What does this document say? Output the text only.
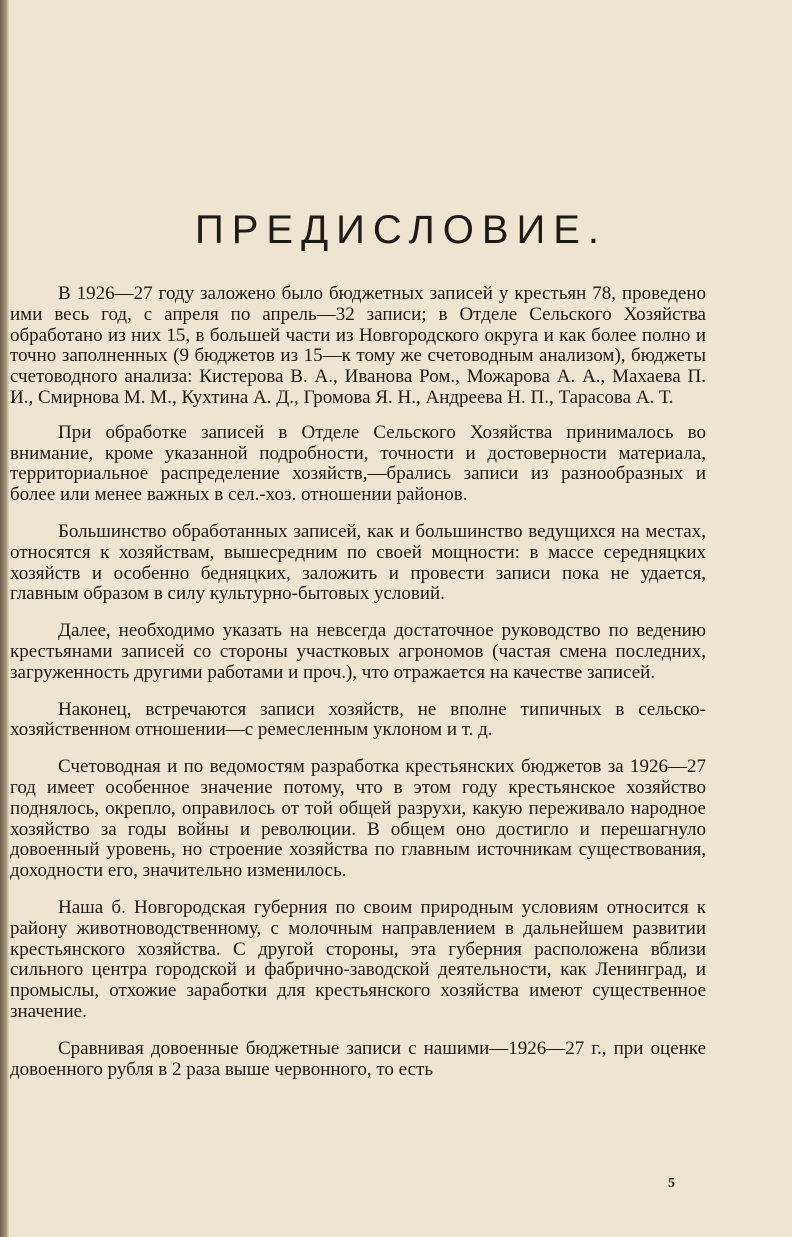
ПРЕДИСЛОВИЕ.

В 1926—27 году заложено было бюджетных записей у крестьян 78, проведено ими весь год, с апреля по апрель—32 записи; в Отделе Сельского Хозяйства обработано из них 15, в большей части из Новгородского округа и как более полно и точно заполненных (9 бюджетов из 15—к тому же счетоводным анализом), бюджеты счетоводного анализа: Кистерова В. А., Иванова Ром., Можарова А. А., Махаева П. И., Смирнова М. М., Кухтина А. Д., Громова Я. Н., Андреева Н. П., Тарасова А. Т.

При обработке записей в Отделе Сельского Хозяйства принималось во внимание, кроме указанной подробности, точности и достоверности материала, территориальное распределение хозяйств,—брались записи из разнообразных и более или менее важных в сел.-хоз. отношении районов.

Большинство обработанных записей, как и большинство ведущихся на местах, относятся к хозяйствам, вышесредним по своей мощности: в массе середняцких хозяйств и особенно бедняцких, заложить и провести записи пока не удается, главным образом в силу культурно-бытовых условий.

Далее, необходимо указать на невсегда достаточное руководство по ведению крестьянами записей со стороны участковых агрономов (частая смена последних, загруженность другими работами и проч.), что отражается на качестве записей.

Наконец, встречаются записи хозяйств, не вполне типичных в сельско-хозяйственном отношении—с ремесленным уклоном и т. д.

Счетоводная и по ведомостям разработка крестьянских бюджетов за 1926—27 год имеет особенное значение потому, что в этом году крестьянское хозяйство поднялось, окрепло, оправилось от той общей разрухи, какую переживало народное хозяйство за годы войны и революции. В общем оно достигло и перешагнуло довоенный уровень, но строение хозяйства по главным источникам существования, доходности его, значительно изменилось.

Наша б. Новгородская губерния по своим природным условиям относится к району животноводственному, с молочным направлением в дальнейшем развитии крестьянского хозяйства. С другой стороны, эта губерния расположена вблизи сильного центра городской и фабрично-заводской деятельности, как Ленинград, и промыслы, отхожие заработки для крестьянского хозяйства имеют существенное значение.

Сравнивая довоенные бюджетные записи с нашими—1926—27 г., при оценке довоенного рубля в 2 раза выше червонного, то есть

5
